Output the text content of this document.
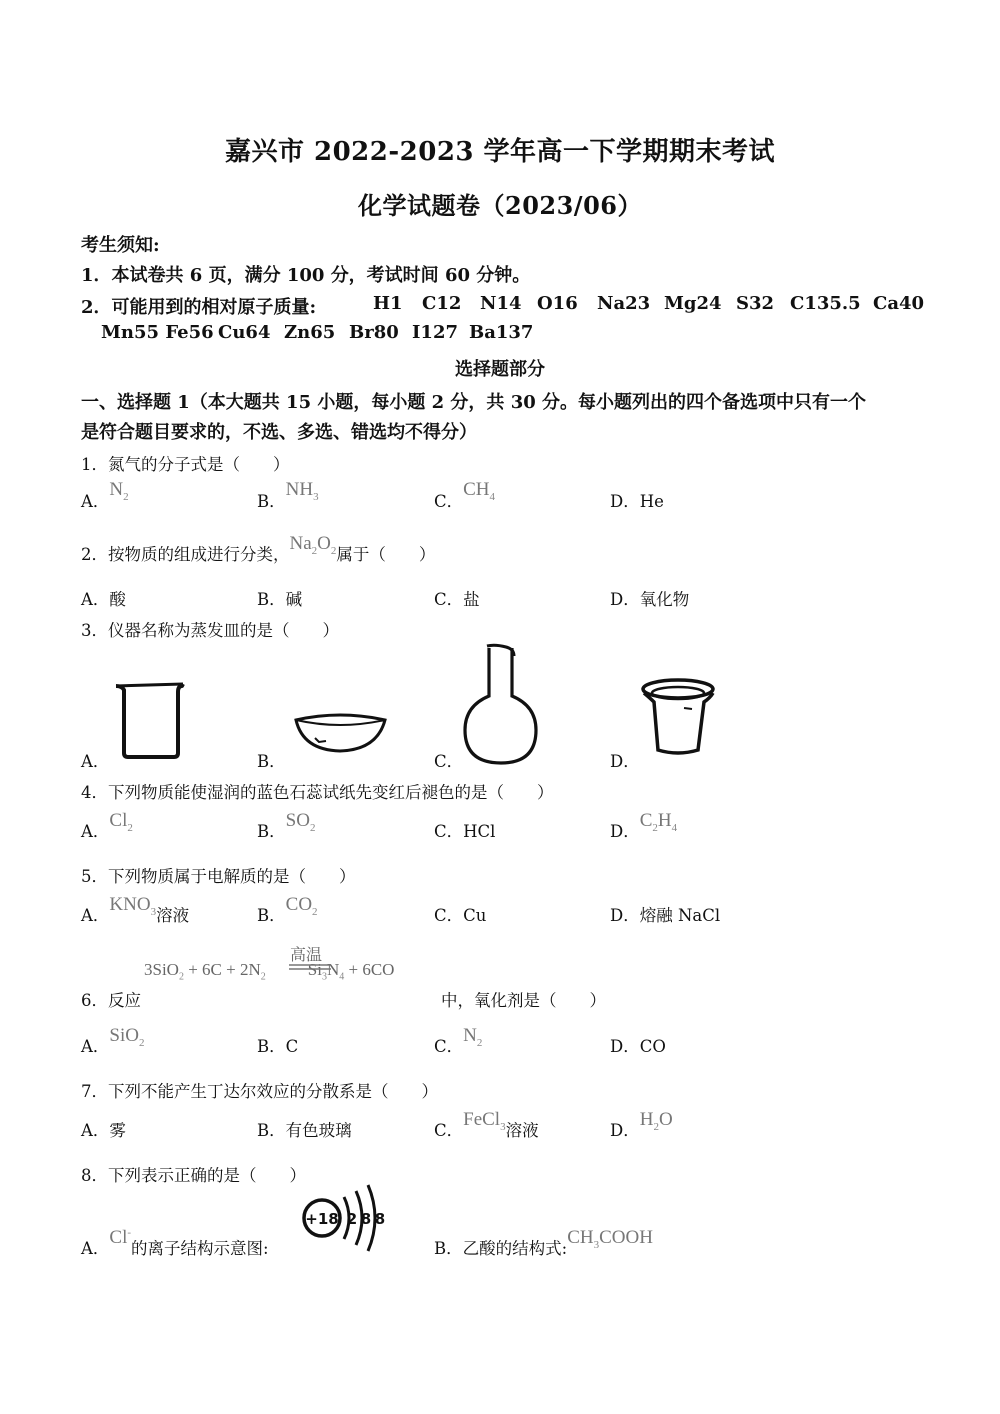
嘉兴市 2022-2023 学年高一下学期期末考试
化学试题卷（2023/06）
考生须知:
1．本试卷共 6 页，满分 100 分，考试时间 60 分钟。
2．可能用到的相对原子质量:	H1 C12 N14 O16 Na23 Mg24 S32 C135.5 Ca40
Mn55 Fe56 Cu64 Zn65 Br80 I127 Ba137
选择题部分
一、选择题 1（本大题共 15 小题，每小题 2 分，共 30 分。每小题列出的四个备选项中只有一个
是符合题目要求的，不选、多选、错选均不得分）
1．氮气的分子式是（　　）
A．$N_2$	B．$NH_3$	C．$CH_4$	D．He
2．按物质的组成进行分类，$Na_2O_2$属于（　　）
A．酸	B．碱	C．盐	D．氧化物
3．仪器名称为蒸发皿的是（　　）
A．	B．	C．	D．
4．下列物质能使湿润的蓝色石蕊试纸先变红后褪色的是（　　）
A．$Cl_2$	B．$SO_2$	C．HCl	D．$C_2H_4$
5．下列物质属于电解质的是（　　）
A．$KNO_3$溶液	B．$CO_2$	C．Cu	D．熔融 NaCl
$3SiO_2 + 6C + 2N_2$ $Si_3N_4 + 6CO$
高温
6．反应	中，氧化剂是（　　）
A．SiO$_2$	B．C	C．$N_2$	D．CO
7．下列不能产生丁达尔效应的分散系是（　　）
A．雾	B．有色玻璃	C．FeCl$_3$溶液	D．$H_2O$
8．下列表示正确的是（　　）
A．Cl-的离子结构示意图:
+18 2 8 8
B．乙酸的结构式$:CH_3COOH$
